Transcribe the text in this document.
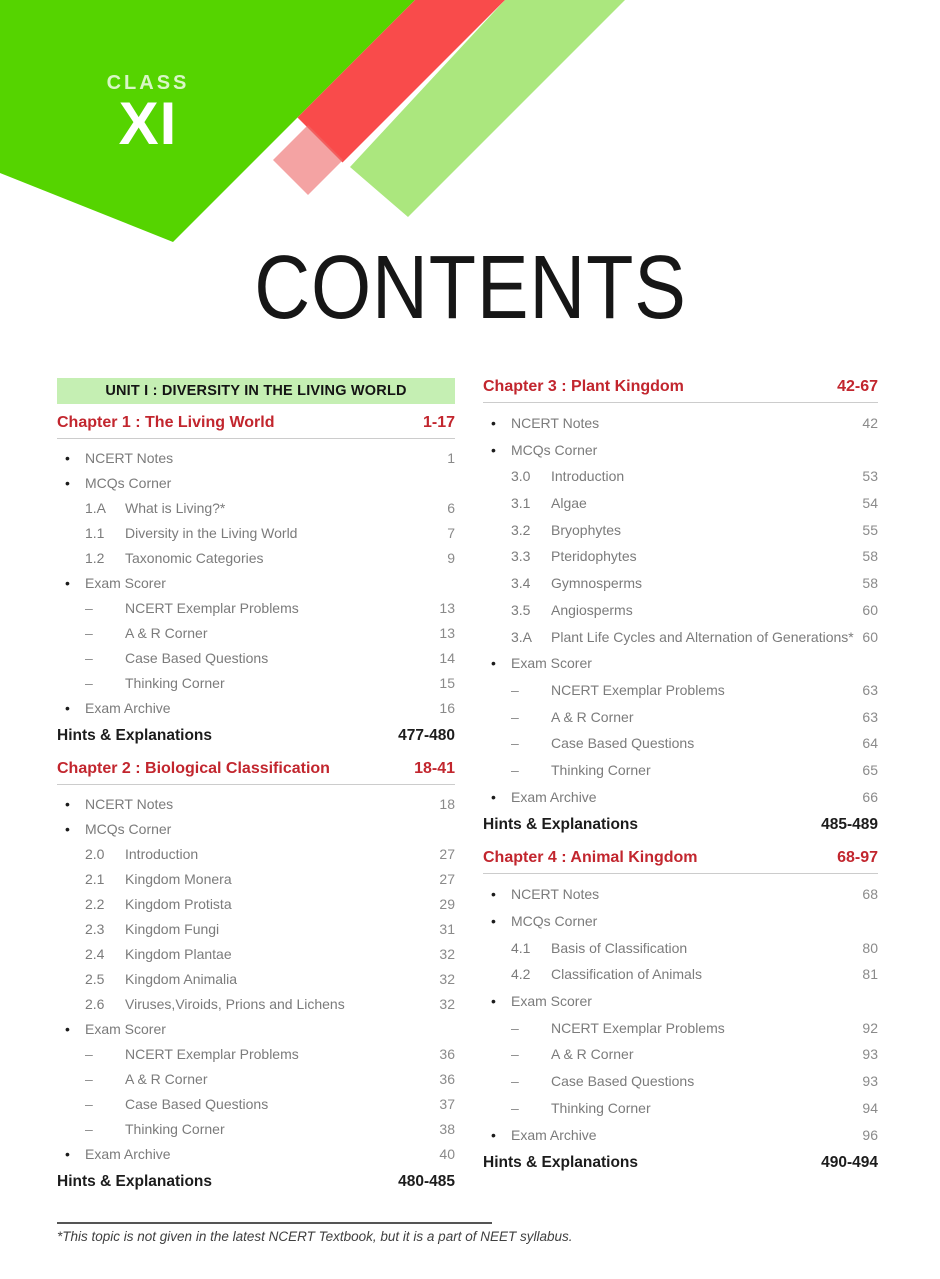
CLASS
XI
CONTENTS
UNIT I : DIVERSITY IN THE LIVING WORLD
Chapter 1 : The Living World	1-17
• NCERT Notes	1
• MCQs Corner
1.A What is Living?*	6
1.1 Diversity in the Living World	7
1.2 Taxonomic Categories	9
• Exam Scorer
– NCERT Exemplar Problems	13
– A & R Corner	13
– Case Based Questions	14
– Thinking Corner	15
• Exam Archive	16
Hints & Explanations	477-480
Chapter 2 : Biological Classification	18-41
• NCERT Notes	18
• MCQs Corner
2.0 Introduction	27
2.1 Kingdom Monera	27
2.2 Kingdom Protista	29
2.3 Kingdom Fungi	31
2.4 Kingdom Plantae	32
2.5 Kingdom Animalia	32
2.6 Viruses,Viroids, Prions and Lichens	32
• Exam Scorer
– NCERT Exemplar Problems	36
– A & R Corner	36
– Case Based Questions	37
– Thinking Corner	38
• Exam Archive	40
Hints & Explanations	480-485
Chapter 3 : Plant Kingdom	42-67
• NCERT Notes	42
• MCQs Corner
3.0 Introduction	53
3.1 Algae	54
3.2 Bryophytes	55
3.3 Pteridophytes	58
3.4 Gymnosperms	58
3.5 Angiosperms	60
3.A Plant Life Cycles and Alternation of Generations* 60
• Exam Scorer
– NCERT Exemplar Problems	63
– A & R Corner	63
– Case Based Questions	64
– Thinking Corner	65
• Exam Archive	66
Hints & Explanations	485-489
Chapter 4 : Animal Kingdom	68-97
• NCERT Notes	68
• MCQs Corner
4.1 Basis of Classification	80
4.2 Classification of Animals	81
• Exam Scorer
– NCERT Exemplar Problems	92
– A & R Corner	93
– Case Based Questions	93
– Thinking Corner	94
• Exam Archive	96
Hints & Explanations	490-494
*This topic is not given in the latest NCERT Textbook, but it is a part of NEET syllabus.
